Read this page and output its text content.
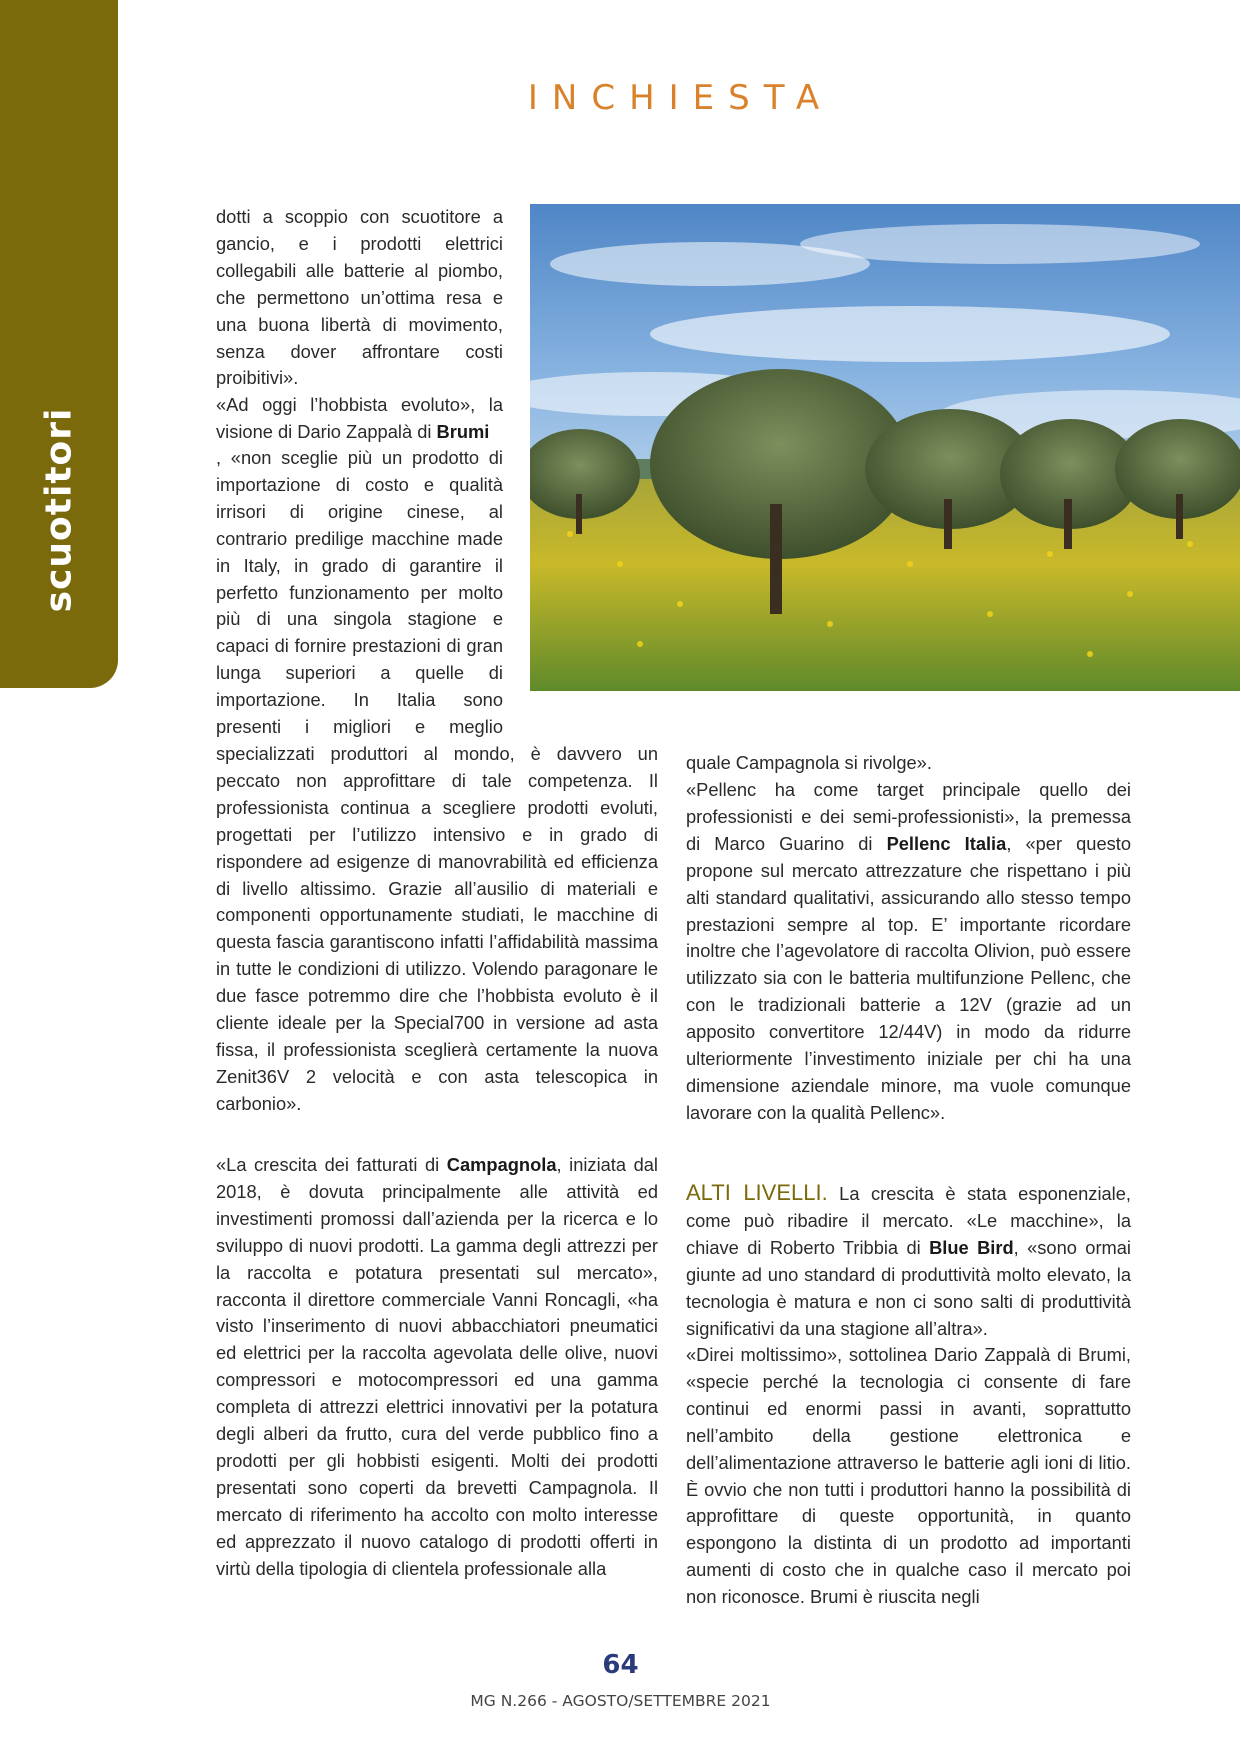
scuotitori
INCHIESTA
dotti a scoppio con scuotitore a gancio, e i prodotti elettrici collegabili alle batterie al piombo, che permettono un’ottima resa e una buona libertà di movimento, senza dover affrontare costi proibitivi».
«Ad oggi l’hobbista evoluto», la visione di Dario Zappalà di Brumi
, «non sceglie più un prodotto di importazione di costo e qualità irrisori di origine cinese, al contrario predilige macchine made in Italy, in grado di garantire il perfetto funzionamento per molto più di una singola stagione e capaci di fornire prestazioni di gran lunga superiori a quelle di importazione. In Italia sono presenti i migliori e meglio specializzati produttori al mondo, è davvero un peccato non approfittare di tale competenza. Il professionista continua a scegliere prodotti evoluti, progettati per l’utilizzo intensivo e in grado di rispondere ad esigenze di manovrabilità ed efficienza di livello altissimo. Grazie all’ausilio di materiali e componenti opportunamente studiati, le macchine di questa fascia garantiscono infatti l’affidabilità massima in tutte le condizioni di utilizzo. Volendo paragonare le due fasce potremmo dire che l’hobbista evoluto è il cliente ideale per la Special700 in versione ad asta fissa, il professionista sceglierà certamente la nuova Zenit36V 2 velocità e con asta telescopica in carbonio».
«La crescita dei fatturati di Campagnola, iniziata dal 2018, è dovuta principalmente alle attività ed investimenti promossi dall’azienda per la ricerca e lo sviluppo di nuovi prodotti. La gamma degli attrezzi per la raccolta e potatura presentati sul mercato», racconta il direttore commerciale Vanni Roncagli, «ha visto l’inserimento di nuovi abbacchiatori pneumatici ed elettrici per la raccolta agevolata delle olive, nuovi compressori e motocompressori ed una gamma completa di attrezzi elettrici innovativi per la potatura degli alberi da frutto, cura del verde pubblico fino a prodotti per gli hobbisti esigenti. Molti dei prodotti presentati sono coperti da brevetti Campagnola. Il mercato di riferimento ha accolto con molto interesse ed apprezzato il nuovo catalogo di prodotti offerti in virtù della tipologia di clientela professionale alla
quale Campagnola si rivolge».
«Pellenc ha come target principale quello dei professionisti e dei semi-professionisti», la premessa di Marco Guarino di Pellenc Italia, «per questo propone sul mercato attrezzature che rispettano i più alti standard qualitativi, assicurando allo stesso tempo prestazioni sempre al top. E’ importante ricordare inoltre che l’agevolatore di raccolta Olivion, può essere utilizzato sia con le batteria multifunzione Pellenc, che con le tradizionali batterie a 12V (grazie ad un apposito convertitore 12/44V) in modo da ridurre ulteriormente l’investimento iniziale per chi ha una dimensione aziendale minore, ma vuole comunque lavorare con la qualità Pellenc».
ALTI LIVELLI. La crescita è stata esponenziale, come può ribadire il mercato. «Le macchine», la chiave di Roberto Tribbia di Blue Bird, «sono ormai giunte ad uno standard di produttività molto elevato, la tecnologia è matura e non ci sono salti di produttività significativi da una stagione all’altra».
«Direi moltissimo», sottolinea Dario Zappalà di Brumi, «specie perché la tecnologia ci consente di fare continui ed enormi passi in avanti, soprattutto nell’ambito della gestione elettronica e dell’alimentazione attraverso le batterie agli ioni di litio. È ovvio che non tutti i produttori hanno la possibilità di approfittare di queste opportunità, in quanto espongono la distinta di un prodotto ad importanti aumenti di costo che in qualche caso il mercato poi non riconosce. Brumi è riuscita negli
64
MG N.266 - AGOSTO/SETTEMBRE 2021
